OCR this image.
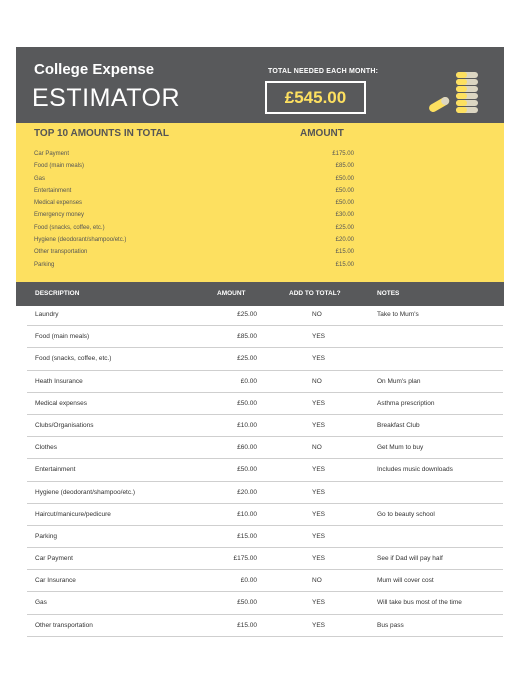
College Expense
ESTIMATOR
TOTAL NEEDED EACH MONTH:
£545.00
TOP 10 AMOUNTS IN TOTAL	AMOUNT
Car Payment	£175.00
Food (main meals)	£85.00
Gas	£50.00
Entertainment	£50.00
Medical expenses	£50.00
Emergency money	£30.00
Food (snacks, coffee, etc.)	£25.00
Hygiene (deodorant/shampoo/etc.)	£20.00
Other transportation	£15.00
Parking	£15.00
DESCRIPTION	AMOUNT	ADD TO TOTAL?	NOTES
Laundry	£25.00	NO	Take to Mum's
Food (main meals)	£85.00	YES
Food (snacks, coffee, etc.)	£25.00	YES
Heath Insurance	£0.00	NO	On Mum's plan
Medical expenses	£50.00	YES	Asthma prescription
Clubs/Organisations	£10.00	YES	Breakfast Club
Clothes	£60.00	NO	Get Mum to buy
Entertainment	£50.00	YES	Includes music downloads
Hygiene (deodorant/shampoo/etc.)	£20.00	YES
Haircut/manicure/pedicure	£10.00	YES	Go to beauty school
Parking	£15.00	YES
Car Payment	£175.00	YES	See if Dad will pay half
Car Insurance	£0.00	NO	Mum will cover cost
Gas	£50.00	YES	Will take bus most of the time
Other transportation	£15.00	YES	Bus pass
